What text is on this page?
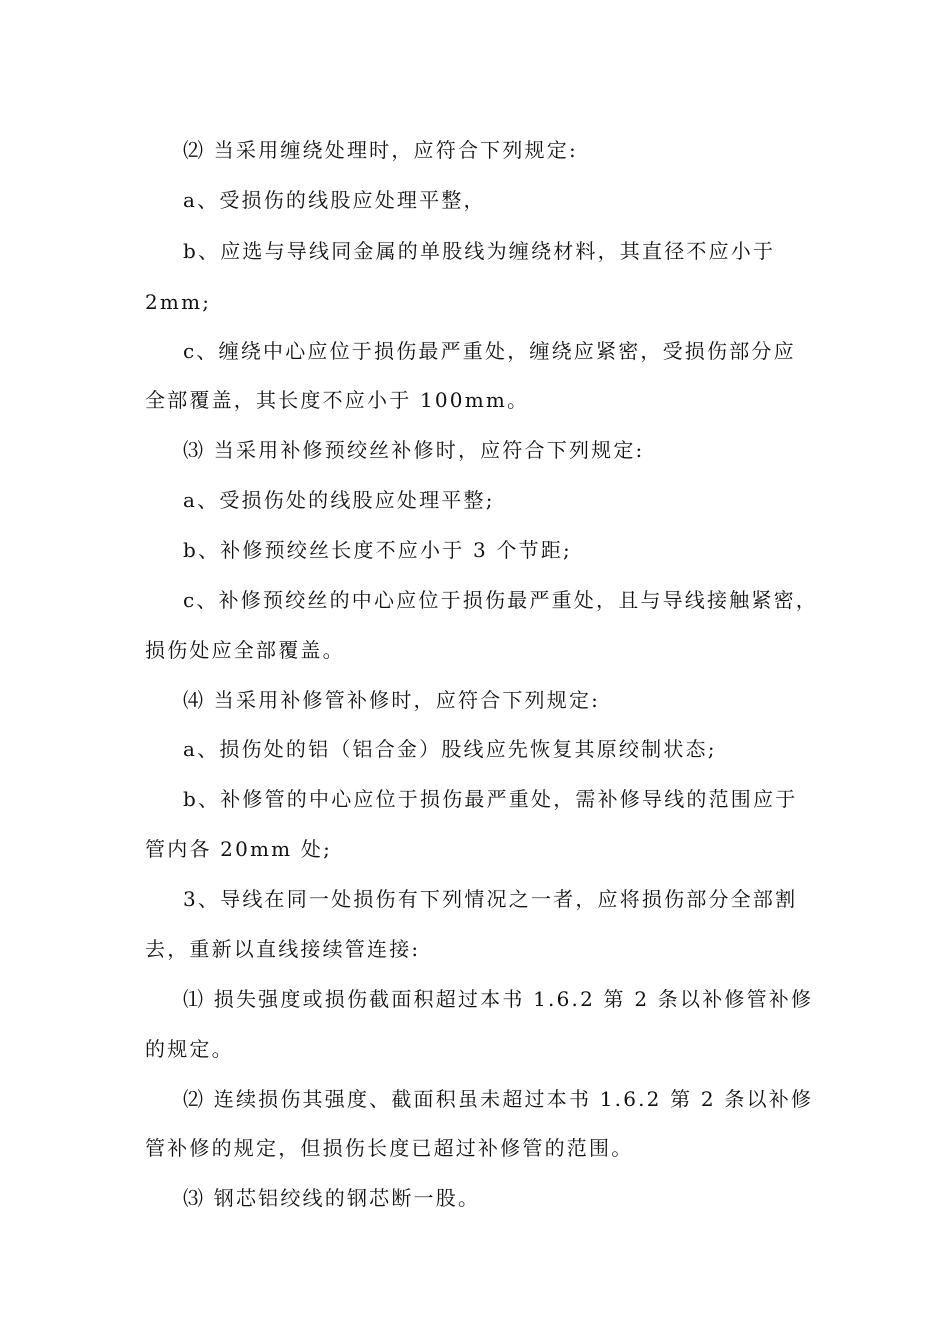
⑵ 当采用缠绕处理时，应符合下列规定:
a、受损伤的线股应处理平整，
b、应选与导线同金属的单股线为缠绕材料，其直径不应小于
2mm;
c、缠绕中心应位于损伤最严重处，缠绕应紧密，受损伤部分应
全部覆盖，其长度不应小于 100mm。
⑶ 当采用补修预绞丝补修时，应符合下列规定:
a、受损伤处的线股应处理平整;
b、补修预绞丝长度不应小于 3 个节距;
c、补修预绞丝的中心应位于损伤最严重处，且与导线接触紧密，
损伤处应全部覆盖。
⑷ 当采用补修管补修时，应符合下列规定:
a、损伤处的铝（铝合金）股线应先恢复其原绞制状态;
b、补修管的中心应位于损伤最严重处，需补修导线的范围应于
管内各 20mm 处;
3、导线在同一处损伤有下列情况之一者，应将损伤部分全部割
去，重新以直线接续管连接:
⑴ 损失强度或损伤截面积超过本书 1.6.2 第 2 条以补修管补修
的规定。
⑵ 连续损伤其强度、截面积虽未超过本书 1.6.2 第 2 条以补修
管补修的规定，但损伤长度已超过补修管的范围。
⑶ 钢芯铝绞线的钢芯断一股。
